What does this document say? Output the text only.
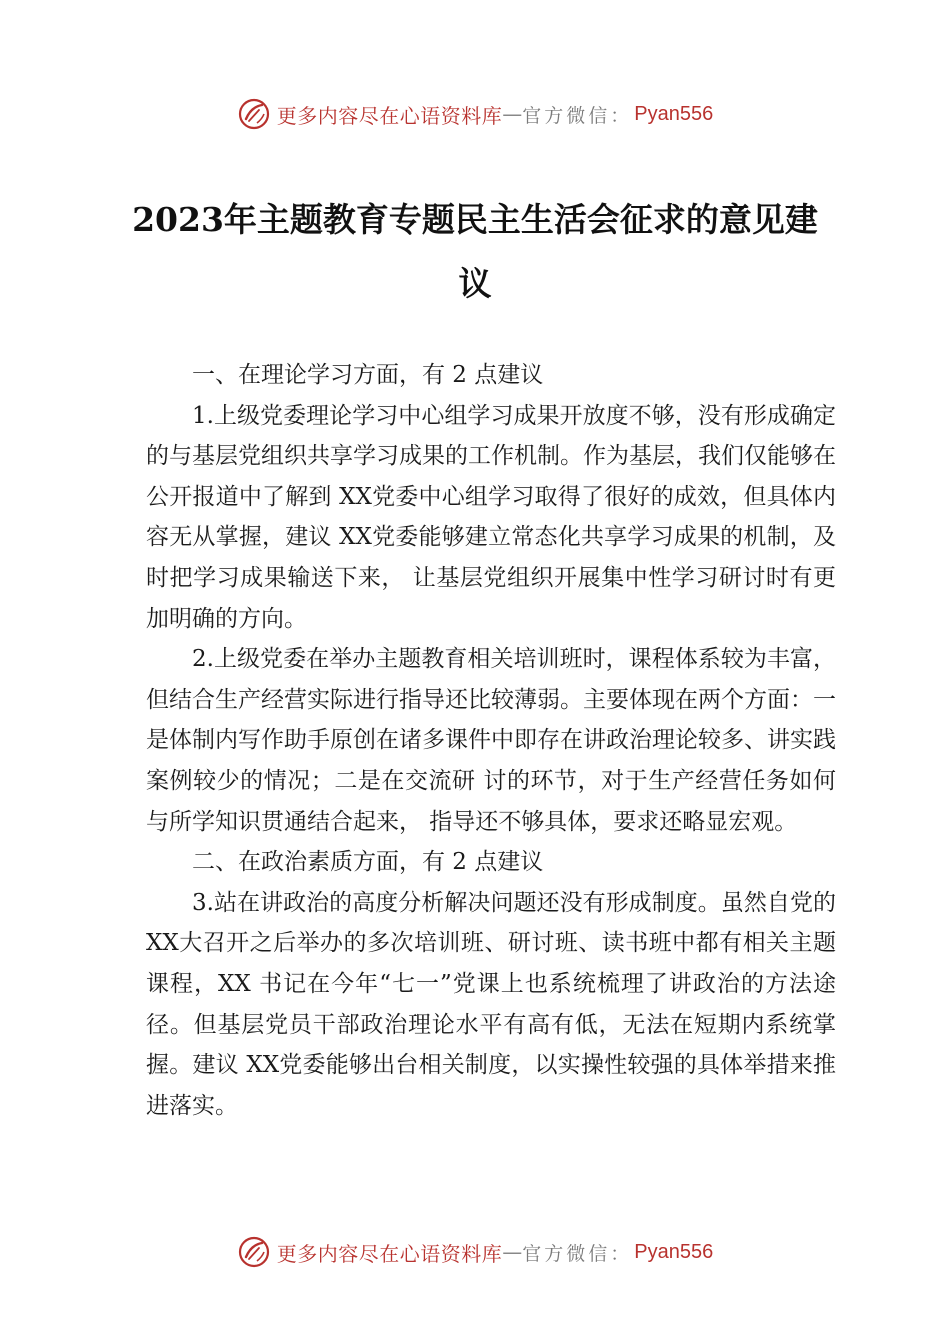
更多内容尽在心语资料库 — 官方微信： Pyan556
2023年主题教育专题民主生活会征求的意见建议

一、在理论学习方面，有 2 点建议

1.上级党委理论学习中心组学习成果开放度不够，没有形成确定的与基层党组织共享学习成果的工作机制。作为基层，我们仅能够在公开报道中了解到 XX党委中心组学习取得了很好的成效，但具体内容无从掌握，建议 XX党委能够建立常态化共享学习成果的机制，及时把学习成果输送下来， 让基层党组织开展集中性学习研讨时有更加明确的方向。

2.上级党委在举办主题教育相关培训班时，课程体系较为丰富，但结合生产经营实际进行指导还比较薄弱。主要体现在两个方面：一是体制内写作助手原创在诸多课件中即存在讲政治理论较多、讲实践案例较少的情况；二是在交流研 讨的环节，对于生产经营任务如何与所学知识贯通结合起来， 指导还不够具体，要求还略显宏观。

二、在政治素质方面，有 2 点建议

3.站在讲政治的高度分析解决问题还没有形成制度。虽然自党的 XX大召开之后举办的多次培训班、研讨班、读书班中都有相关主题课程，XX 书记在今年“七一”党课上也系统梳理了讲政治的方法途径。但基层党员干部政治理论水平有高有低，无法在短期内系统掌握。建议 XX党委能够出台相关制度，以实操性较强的具体举措来推进落实。

更多内容尽在心语资料库 — 官方微信： Pyan556
